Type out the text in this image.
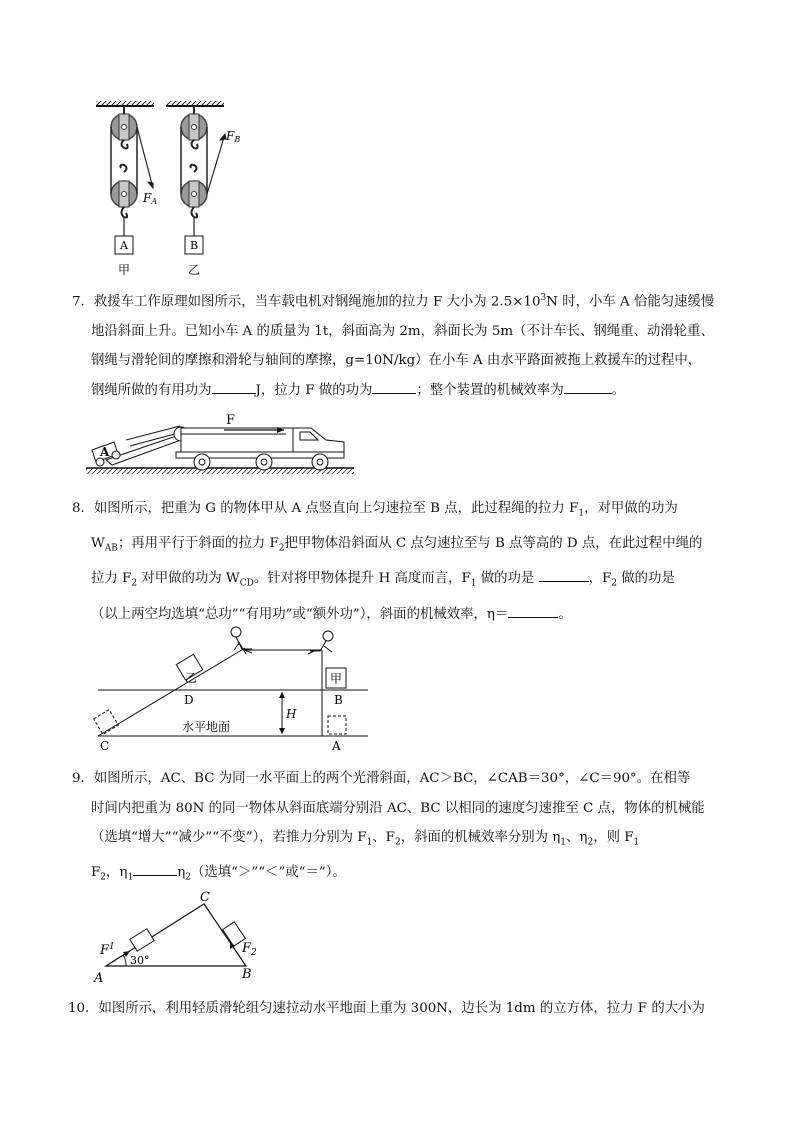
FA
A
甲
FB
B
乙

7．救援车工作原理如图所示，当车载电机对钢绳施加的拉力 F 大小为 $2.5\times 10^3N$ 时，小车 A 恰能匀速缓慢

地沿斜面上升。已知小车 A 的质量为 1t，斜面高为 2m，斜面长为 5m（不计车长、钢绳重、动滑轮重、

钢绳与滑轮间的摩擦和滑轮与轴间的摩擦，g=10N/kg）在小车 A 由水平路面被拖上救援车的过程中，

钢绳所做的有用功为	J，拉力 F 做的功为	；整个装置的机械效率为	。

A
F

8．如图所示，把重为 G 的物体甲从 A 点竖直向上匀速拉至 B 点，此过程绳的拉力 $F_1$，对甲做的功为

$W_{AB}$；再用平行于斜面的拉力 $F_2$把甲物体沿斜面从 C 点匀速拉至与 B 点等高的 D 点，在此过程中绳的

拉力 $F_2$ 对甲做的功为 $W_{CD}$。针对将甲物体提升 H 高度而言，$F_1$ 做的功是	，$F_2$ 做的功是

（以上两空均选填“总功”“有用功”或“额外功”），斜面的机械效率，η＝	。

乙	甲
H
D	B
水平地面
C	A

9．如图所示，AC、BC 为同一水平面上的两个光滑斜面，AC＞BC，∠CAB＝30°，∠C＝90°。在相等

时间内把重为 80N 的同一物体从斜面底端分别沿 AC、BC 以相同的速度匀速推至 C 点，物体的机械能

（选填“增大”“减少”“不变”），若推力分别为 $F_1$、$F_2$，斜面的机械效率分别为 $\eta_1$、$\eta_2$，则 $F_1$

$F_2$，$\eta_1$	$\eta_2$（选填“＞”“＜”或“＝”）。

C
$F^1$	$F_2$
30°
A	B

10．如图所示，利用轻质滑轮组匀速拉动水平地面上重为 300N，边长为 1dm 的立方体，拉力 F 的大小为
